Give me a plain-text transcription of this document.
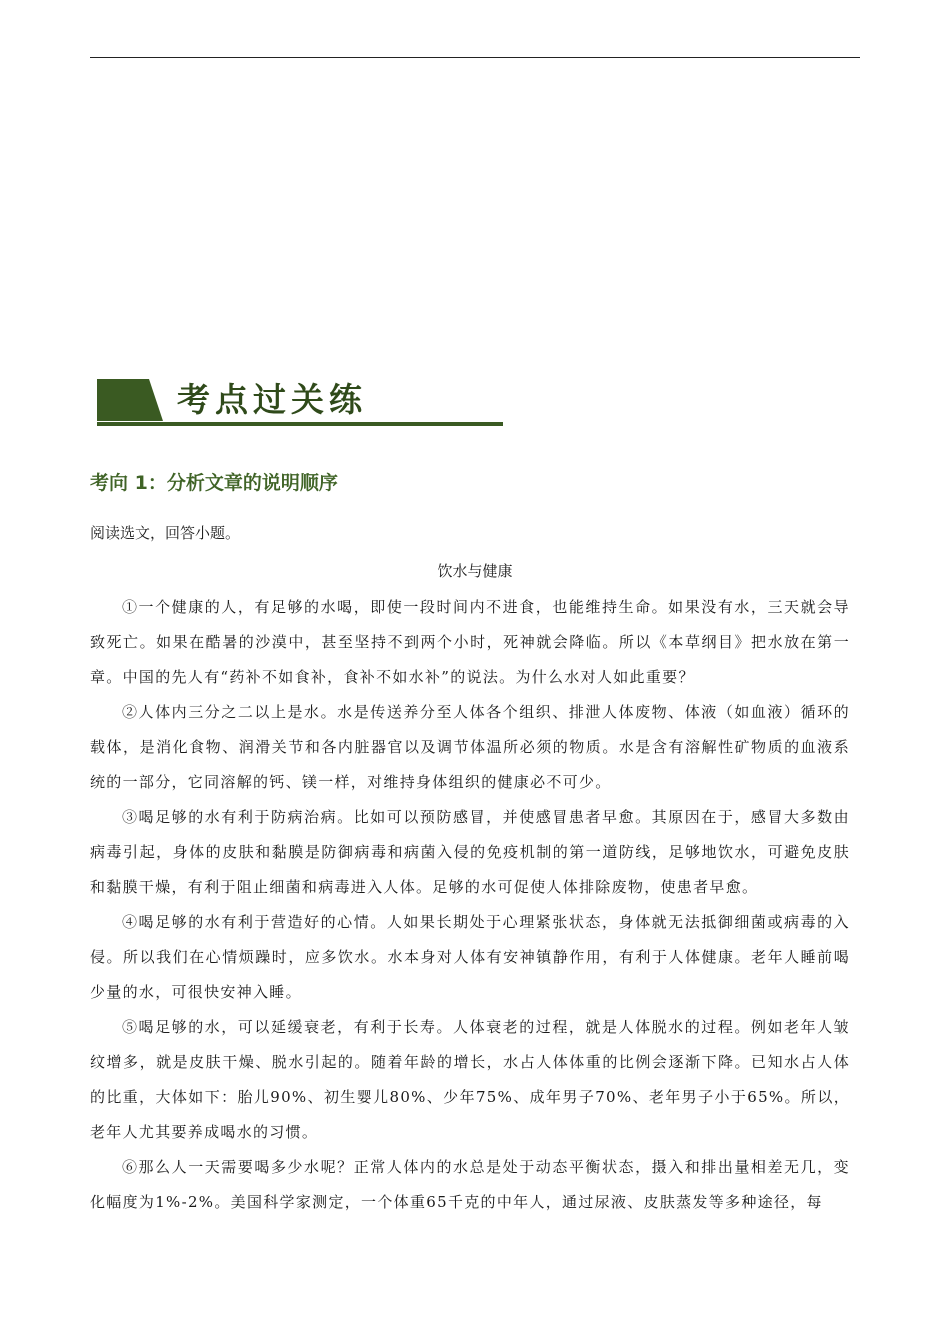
考点过关练
考向 1：分析文章的说明顺序
阅读选文，回答小题。
饮水与健康

①一个健康的人，有足够的水喝，即使一段时间内不进食，也能维持生命。如果没有水，三天就会导致死亡。如果在酷暑的沙漠中，甚至坚持不到两个小时，死神就会降临。所以《本草纲目》把水放在第一章。中国的先人有“药补不如食补，食补不如水补”的说法。为什么水对人如此重要？

②人体内三分之二以上是水。水是传送养分至人体各个组织、排泄人体废物、体液（如血液）循环的载体，是消化食物、润滑关节和各内脏器官以及调节体温所必须的物质。水是含有溶解性矿物质的血液系统的一部分，它同溶解的钙、镁一样，对维持身体组织的健康必不可少。

③喝足够的水有利于防病治病。比如可以预防感冒，并使感冒患者早愈。其原因在于，感冒大多数由病毒引起，身体的皮肤和黏膜是防御病毒和病菌入侵的免疫机制的第一道防线，足够地饮水，可避免皮肤和黏膜干燥，有利于阻止细菌和病毒进入人体。足够的水可促使人体排除废物，使患者早愈。

④喝足够的水有利于营造好的心情。人如果长期处于心理紧张状态，身体就无法抵御细菌或病毒的入侵。所以我们在心情烦躁时，应多饮水。水本身对人体有安神镇静作用，有利于人体健康。老年人睡前喝少量的水，可很快安神入睡。

⑤喝足够的水，可以延缓衰老，有利于长寿。人体衰老的过程，就是人体脱水的过程。例如老年人皱纹增多，就是皮肤干燥、脱水引起的。随着年龄的增长，水占人体体重的比例会逐渐下降。已知水占人体的比重，大体如下：胎儿90%、初生婴儿80%、少年75%、成年男子70%、老年男子小于65%。所以，老年人尤其要养成喝水的习惯。

⑥那么人一天需要喝多少水呢？正常人体内的水总是处于动态平衡状态，摄入和排出量相差无几，变化幅度为1%-2%。美国科学家测定，一个体重65千克的中年人，通过尿液、皮肤蒸发等多种途径，每
